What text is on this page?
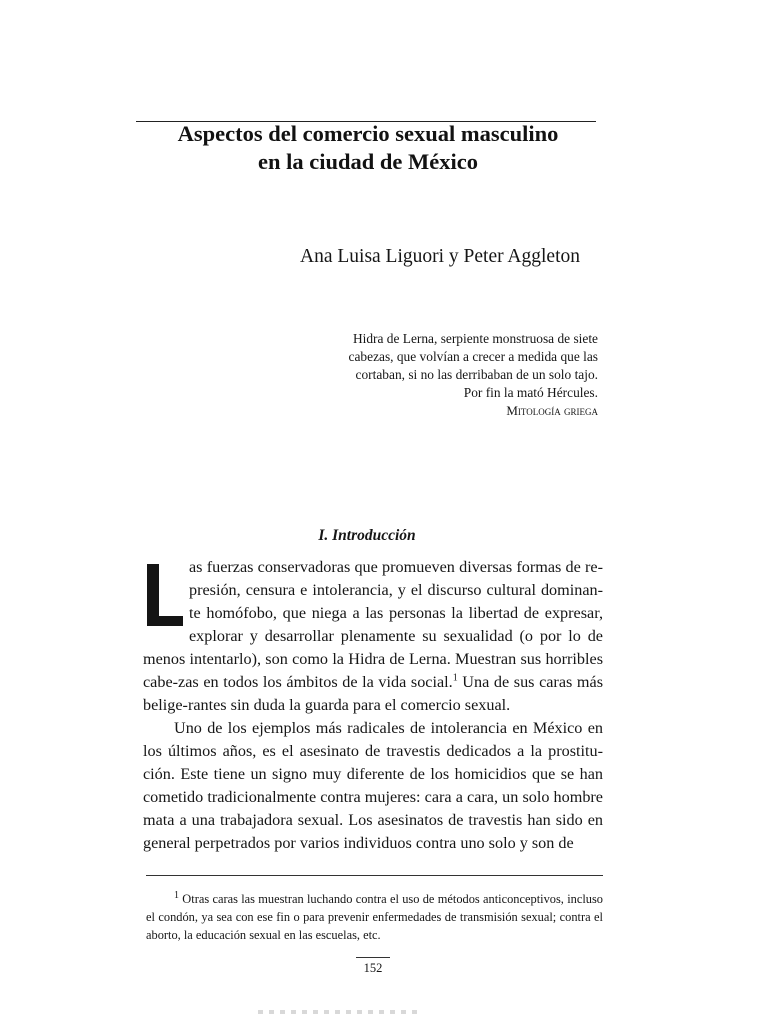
Aspectos del comercio sexual masculino
en la ciudad de México
Ana Luisa Liguori y Peter Aggleton

Hidra de Lerna, serpiente monstruosa de siete

cabezas, que volvían a crecer a medida que las

cortaban, si no las derribaban de un solo tajo.

Por fin la mató Hércules.

Mitología griega

I. Introducción

as fuerzas conservadoras que promueven diversas formas de re-presión, censura e intolerancia, y el discurso cultural dominan-te homófobo, que niega a las personas la libertad de expresar, explorar y desarrollar plenamente su sexualidad (o por lo de menos intentarlo), son como la Hidra de Lerna. Muestran sus horribles cabe-zas en todos los ámbitos de la vida social.$^1$ Una de sus caras más belige-rantes sin duda la guarda para el comercio sexual.

Uno de los ejemplos más radicales de intolerancia en México en los últimos años, es el asesinato de travestis dedicados a la prostitu-ción. Este tiene un signo muy diferente de los homicidios que se han cometido tradicionalmente contra mujeres: cara a cara, un solo hombre mata a una trabajadora sexual. Los asesinatos de travestis han sido en general perpetrados por varios individuos contra uno solo y son de

$^1$ Otras caras las muestran luchando contra el uso de métodos anticonceptivos, incluso el condón, ya sea con ese fin o para prevenir enfermedades de transmisión sexual; contra el aborto, la educación sexual en las escuelas, etc.

152
